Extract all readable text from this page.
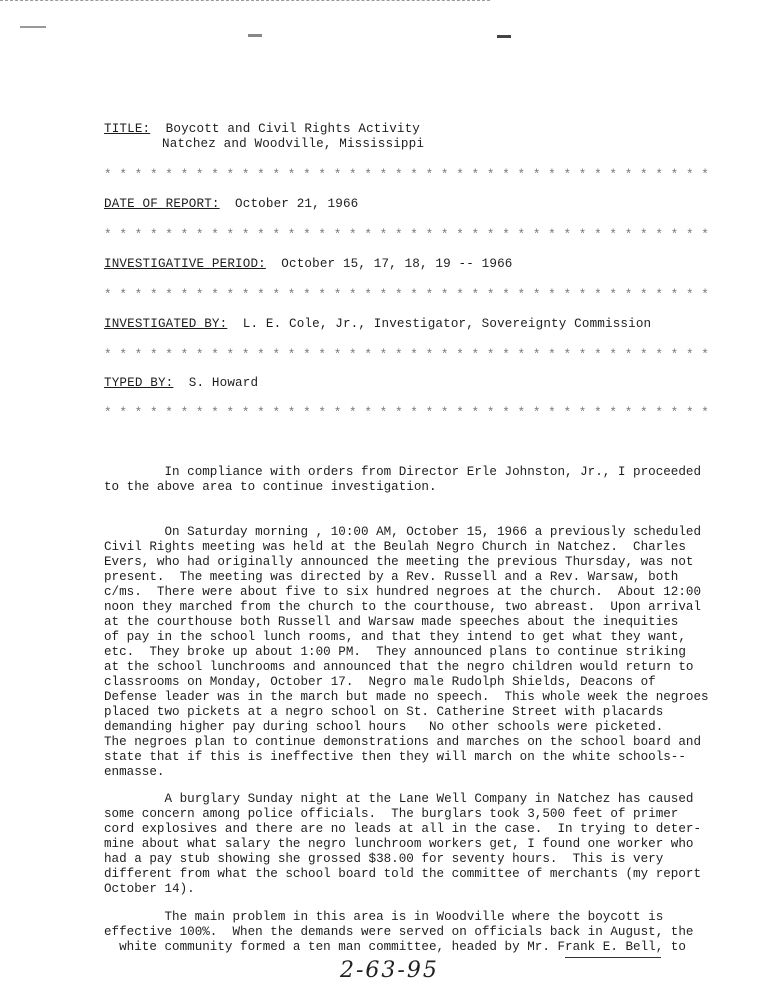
TITLE: Boycott and Civil Rights Activity
Natchez and Woodville, Mississippi
* * * * * * * * * * * * * * * * * * * * * * * * * * * * * * * * * * * * * * * *
DATE OF REPORT: October 21, 1966
* * * * * * * * * * * * * * * * * * * * * * * * * * * * * * * * * * * * * * * *
INVESTIGATIVE PERIOD: October 15, 17, 18, 19 -- 1966
* * * * * * * * * * * * * * * * * * * * * * * * * * * * * * * * * * * * * * * *
INVESTIGATED BY: L. E. Cole, Jr., Investigator, Sovereignty Commission
* * * * * * * * * * * * * * * * * * * * * * * * * * * * * * * * * * * * * * * *
TYPED BY: S. Howard
* * * * * * * * * * * * * * * * * * * * * * * * * * * * * * * * * * * * * * * *
In compliance with orders from Director Erle Johnston, Jr., I proceeded
to the above area to continue investigation.
On Saturday morning , 10:00 AM, October 15, 1966 a previously scheduled
Civil Rights meeting was held at the Beulah Negro Church in Natchez.  Charles
Evers, who had originally announced the meeting the previous Thursday, was not
present.  The meeting was directed by a Rev. Russell and a Rev. Warsaw, both
c/ms.  There were about five to six hundred negroes at the church.  About 12:00
noon they marched from the church to the courthouse, two abreast.  Upon arrival
at the courthouse both Russell and Warsaw made speeches about the inequities
of pay in the school lunch rooms, and that they intend to get what they want,
etc.  They broke up about 1:00 PM.  They announced plans to continue striking
at the school lunchrooms and announced that the negro children would return to
classrooms on Monday, October 17.  Negro male Rudolph Shields, Deacons of
Defense leader was in the march but made no speech.  This whole week the negroes
placed two pickets at a negro school on St. Catherine Street with placards
demanding higher pay during school hours   No other schools were picketed.
The negroes plan to continue demonstrations and marches on the school board and
state that if this is ineffective then they will march on the white schools--
enmasse.
A burglary Sunday night at the Lane Well Company in Natchez has caused
some concern among police officials.  The burglars took 3,500 feet of primer
cord explosives and there are no leads at all in the case.  In trying to deter-
mine about what salary the negro lunchroom workers get, I found one worker who
had a pay stub showing she grossed $38.00 for seventy hours.  This is very
different from what the school board told the committee of merchants (my report
October 14).
The main problem in this area is in Woodville where the boycott is
effective 100%.  When the demands were served on officials back in August, the
white community formed a ten man committee, headed by Mr. Frank E. Bell, to
2-63-95
